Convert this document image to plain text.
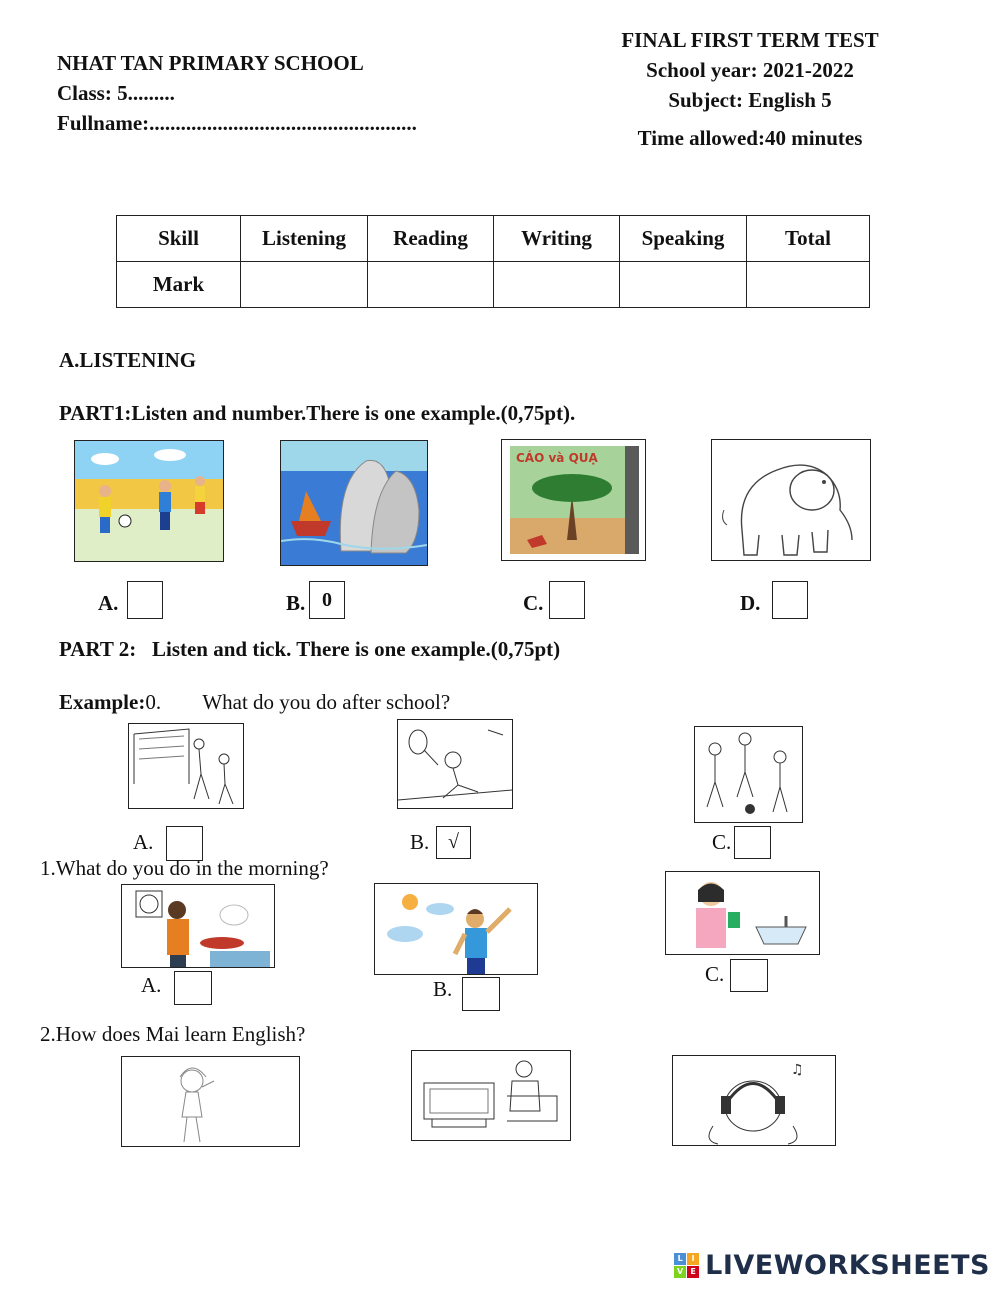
NHAT TAN PRIMARY SCHOOL
Class: 5.........
Fullname:...................................................
FINAL FIRST TERM TEST
School year: 2021-2022
Subject: English 5
Time allowed:40 minutes
Skill	Listening	Reading	Writing	Speaking	Total
Mark					
A.LISTENING
PART1:Listen and number.There is one example.(0,75pt).
CÁO và QUẠ
A.	B. 0	C.	D.
PART 2:   Listen and tick. There is one example.(0,75pt)
Example:0. What do you do after school?
A.	B. √	C.
1.What do you do in the morning?
A.	B.
C.
2.How does Mai learn English?
♫
L	I
V E LIVEWORKSHEETS
